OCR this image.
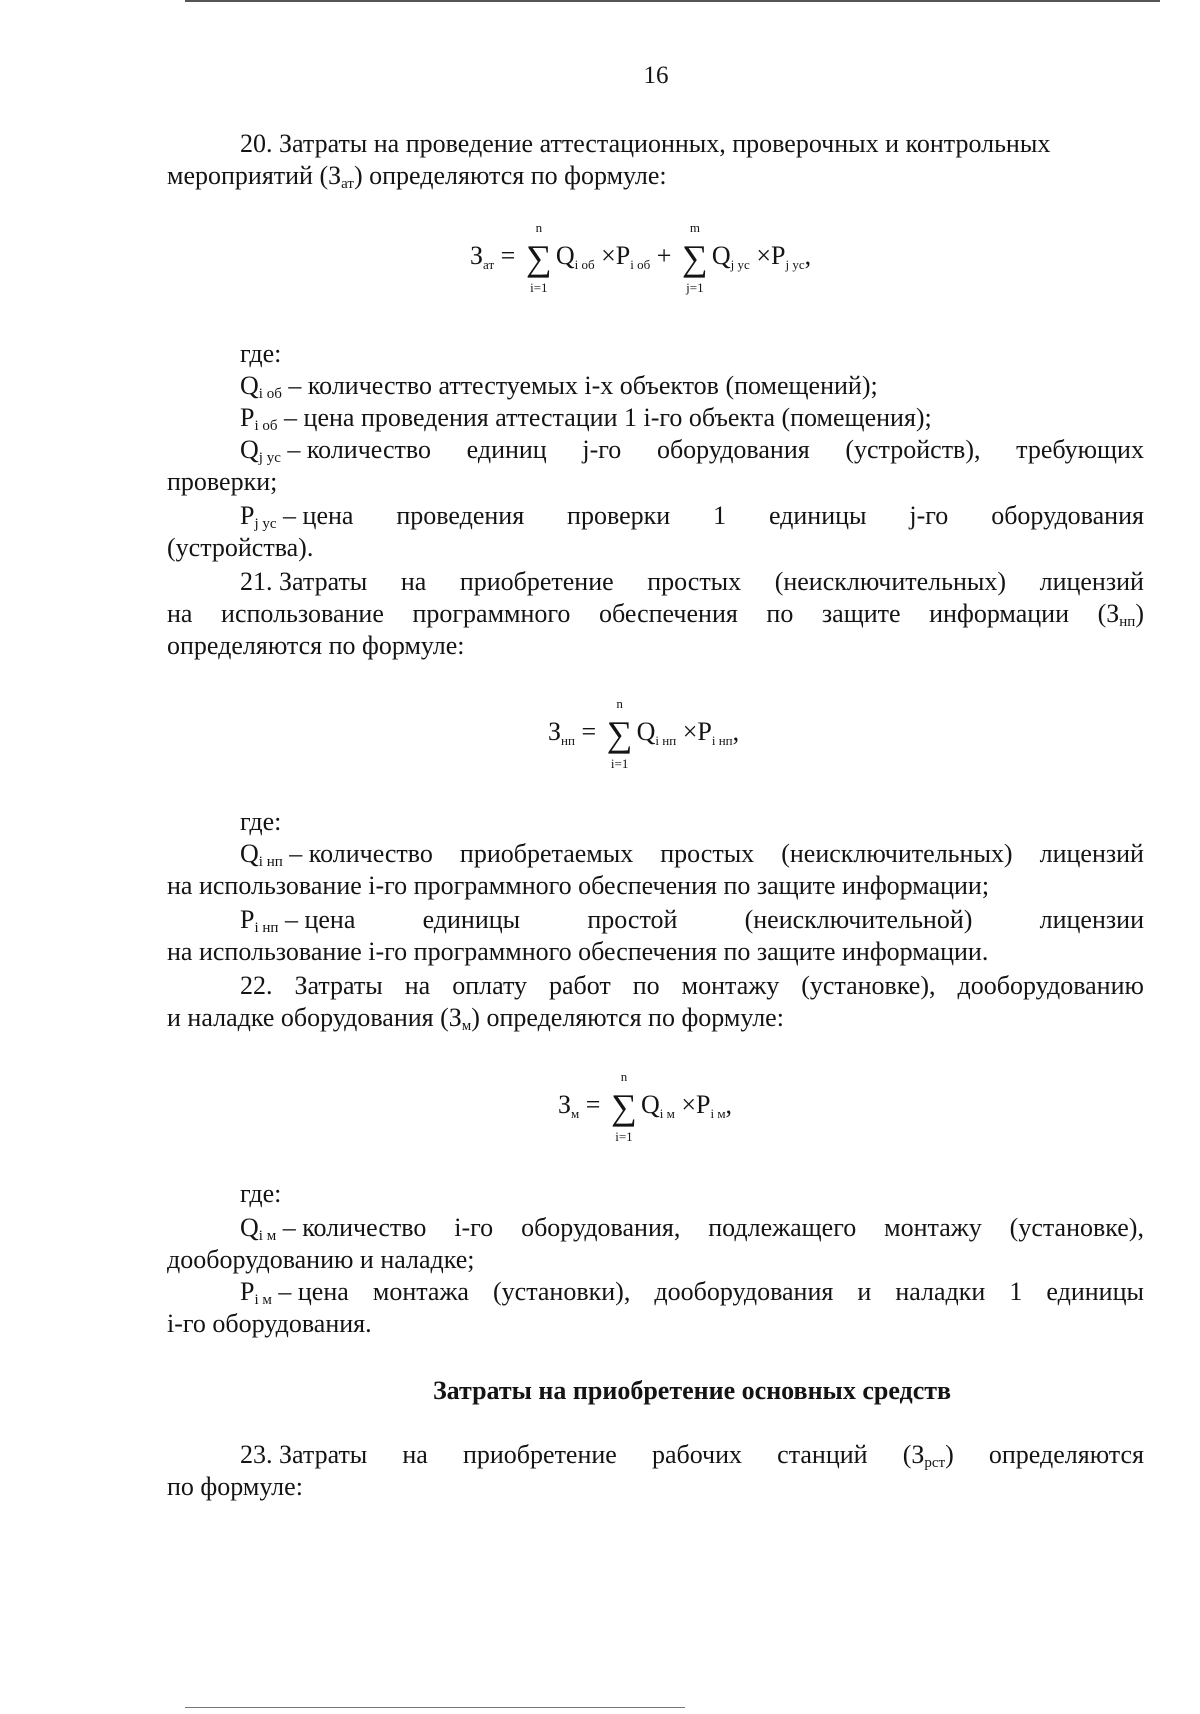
16
20. Затраты на проведение аттестационных, проверочных и контрольных
мероприятий $(З_{ат})$ определяются по формуле:
Зат =
n
∑
i=1
Qi об ×Pi об +
m
∑
j=1
Qj ус ×Pj ус,
где:
$Q_{i об}$ – количество аттестуемых i-х объектов (помещений);
$P_{i об}$ – цена проведения аттестации 1 i-го объекта (помещения);
$Q_{j ус}$ – количество единиц j-го оборудования (устройств), требующих
проверки;
$P_{j ус}$ – цена проведения проверки 1 единицы j-го оборудования
(устройства).
21. Затраты на приобретение простых (неисключительных) лицензий
на использование программного обеспечения по защите информации $(З_{нп})$
определяются по формуле:
Знп =
n
∑
i=1
Qi нп ×Pi нп,
где:
$Q_{i нп}$ – количество приобретаемых простых (неисключительных) лицензий
на использование i-го программного обеспечения по защите информации;
$P_{i нп}$ – цена	единицы	простой	(неисключительной)	лицензии
на использование i-го программного обеспечения по защите информации.
22. Затраты на оплату работ по монтажу (установке), дооборудованию
и наладке оборудования $(З_м)$ определяются по формуле:
Зм =
n
∑
i=1
Qi м ×Pi м,
где:
$Q_{i м}$ – количество i-го оборудования, подлежащего монтажу (установке),
дооборудованию и наладке;
$P_{i м}$ – цена монтажа (установки), дооборудования и наладки 1 единицы
i-го оборудования.
Затраты на приобретение основных средств
23. Затраты на приобретение рабочих станций $(З_{рст})$ определяются
по формуле:
